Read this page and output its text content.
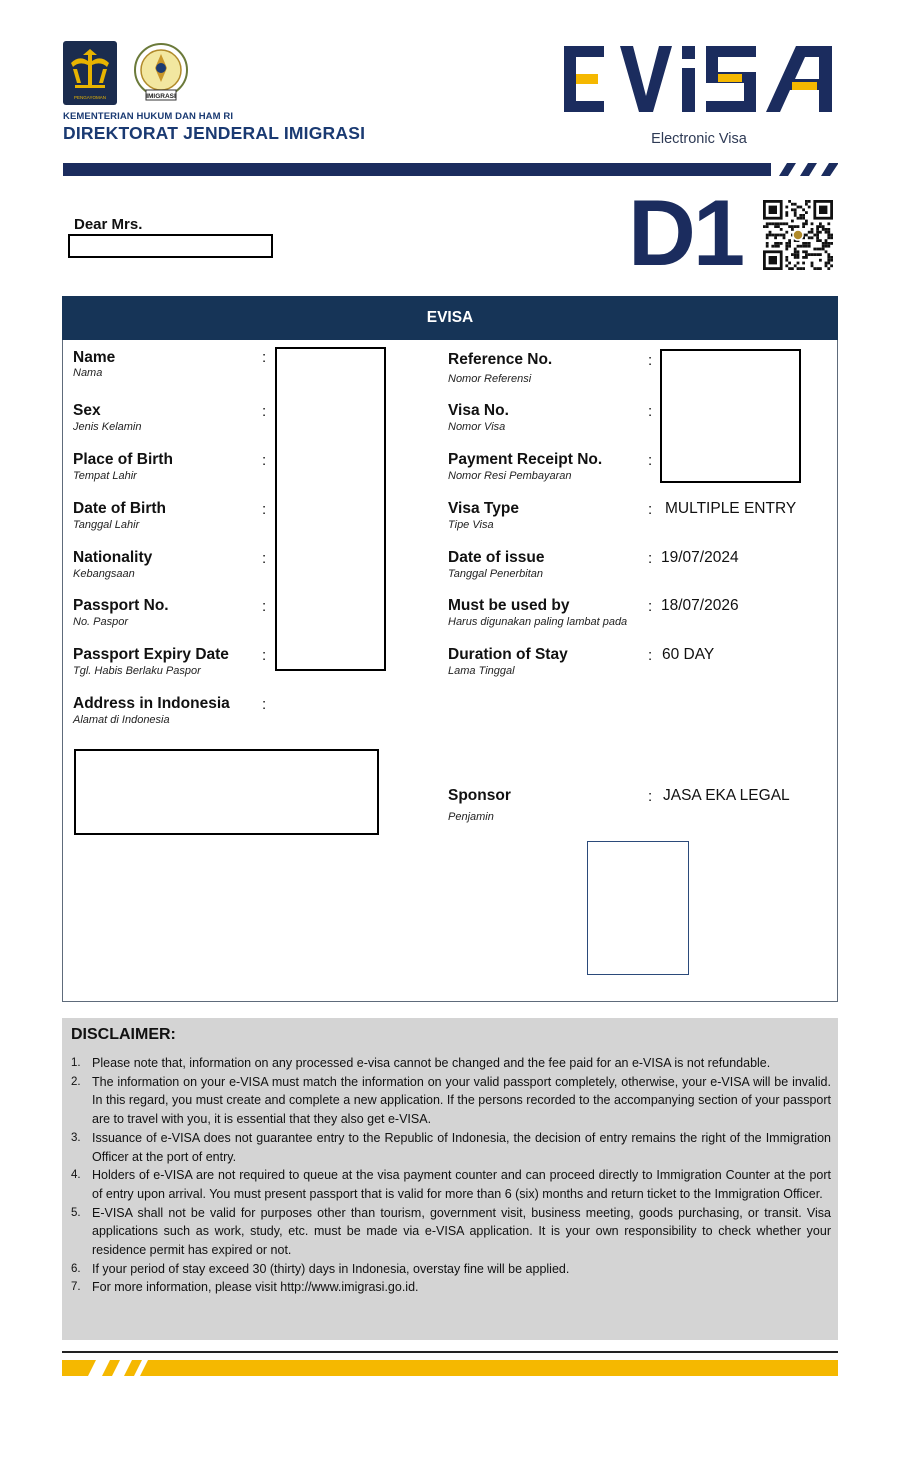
PENGAYOMAN	IMIGRASI
KEMENTERIAN HUKUM DAN HAM RI
DIREKTORAT JENDERAL IMIGRASI
EViSA
Electronic Visa
Dear Mrs.	D1
EVISA
Name
Nama
:
Sex
Jenis Kelamin
:
Place of Birth
Tempat Lahir
:
Date of Birth
Tanggal Lahir
:
Nationality
Kebangsaan
:
Passport No.
No. Paspor
:
Passport Expiry Date
Tgl. Habis Berlaku Paspor
:
Address in Indonesia
Alamat di Indonesia
:
Reference No.
Nomor Referensi
:
Visa No.
Nomor Visa
:
Payment Receipt No.
Nomor Resi Pembayaran
:
Visa Type
Tipe Visa
: MULTIPLE ENTRY
Date of issue
Tanggal Penerbitan
: 19/07/2024
Must be used by
Harus digunakan paling lambat pada
: 18/07/2026
Duration of Stay
Lama Tinggal
: 60 DAY
Sponsor
Penjamin
: JASA EKA LEGAL
DISCLAIMER:
1. Please note that, information on any processed e-visa cannot be changed and the fee paid for an e-VISA is not refundable.
2. The information on your e-VISA must match the information on your valid passport completely, otherwise, your e-VISA will be invalid. In this regard, you must create and complete a new application. If the persons recorded to the accompanying section of your passport are to travel with you, it is essential that they also get e-VISA.
3. Issuance of e-VISA does not guarantee entry to the Republic of Indonesia, the decision of entry remains the right of the Immigration Officer at the port of entry.
4. Holders of e-VISA are not required to queue at the visa payment counter and can proceed directly to Immigration Counter at the port of entry upon arrival. You must present passport that is valid for more than 6 (six) months and return ticket to the Immigration Officer.
5. E-VISA shall not be valid for purposes other than tourism, government visit, business meeting, goods purchasing, or transit. Visa applications such as work, study, etc. must be made via e-VISA application. It is your own responsibility to check whether your residence permit has expired or not.
6. If your period of stay exceed 30 (thirty) days in Indonesia, overstay fine will be applied.
7. For more information, please visit http://www.imigrasi.go.id.
